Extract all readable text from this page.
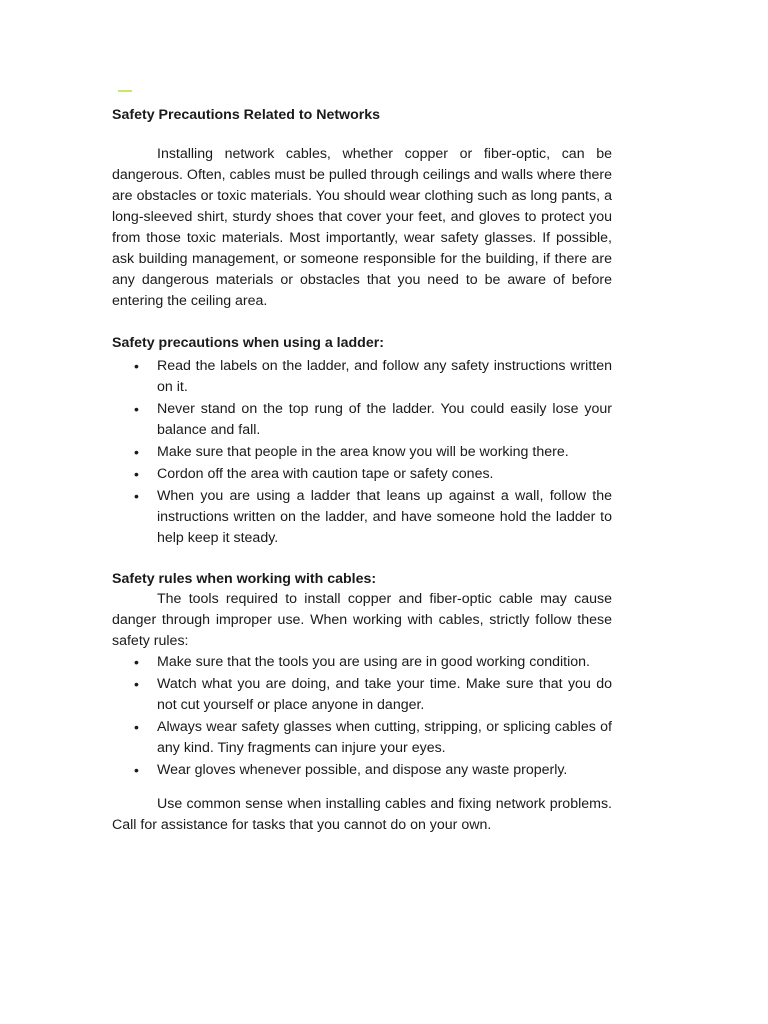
Safety Precautions Related to Networks

Installing network cables, whether copper or fiber-optic, can be dangerous. Often, cables must be pulled through ceilings and walls where there are obstacles or toxic materials. You should wear clothing such as long pants, a long-sleeved shirt, sturdy shoes that cover your feet, and gloves to protect you from those toxic materials. Most importantly, wear safety glasses. If possible, ask building management, or someone responsible for the building, if there are any dangerous materials or obstacles that you need to be aware of before entering the ceiling area.

Safety precautions when using a ladder:
• Read the labels on the ladder, and follow any safety instructions written on it.
• Never stand on the top rung of the ladder. You could easily lose your balance and fall.
• Make sure that people in the area know you will be working there.
• Cordon off the area with caution tape or safety cones.
• When you are using a ladder that leans up against a wall, follow the instructions written on the ladder, and have someone hold the ladder to help keep it steady.
Safety rules when working with cables:

The tools required to install copper and fiber-optic cable may cause danger through improper use. When working with cables, strictly follow these safety rules:

• Make sure that the tools you are using are in good working condition.
• Watch what you are doing, and take your time. Make sure that you do not cut yourself or place anyone in danger.
• Always wear safety glasses when cutting, stripping, or splicing cables of any kind. Tiny fragments can injure your eyes.
• Wear gloves whenever possible, and dispose any waste properly.

Use common sense when installing cables and fixing network problems. Call for assistance for tasks that you cannot do on your own.
